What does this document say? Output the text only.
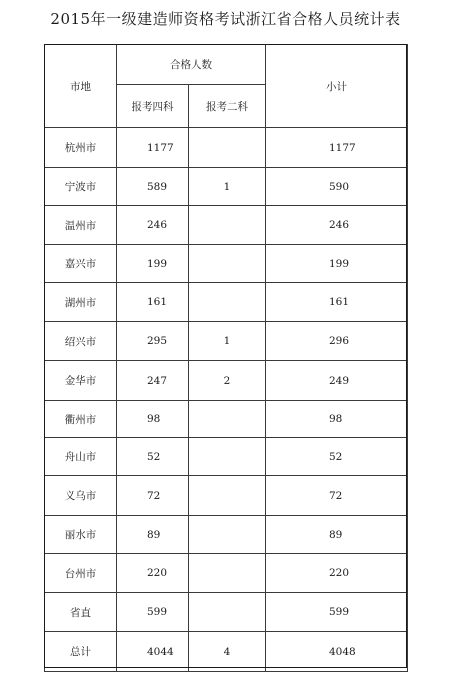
2015年一级建造师资格考试浙江省合格人员统计表
市地	合格人数		小计
	报考四科	报考二科	
杭州市	1177		1177
宁波市	589	1	590
温州市	246		246
嘉兴市	199		199
湖州市	161		161
绍兴市	295	1	296
金华市	247	2	249
衢州市	98		98
舟山市	52		52
义乌市	72		72
丽水市	89		89
台州市	220		220
省直	599		599
总计	4044	4	4048
